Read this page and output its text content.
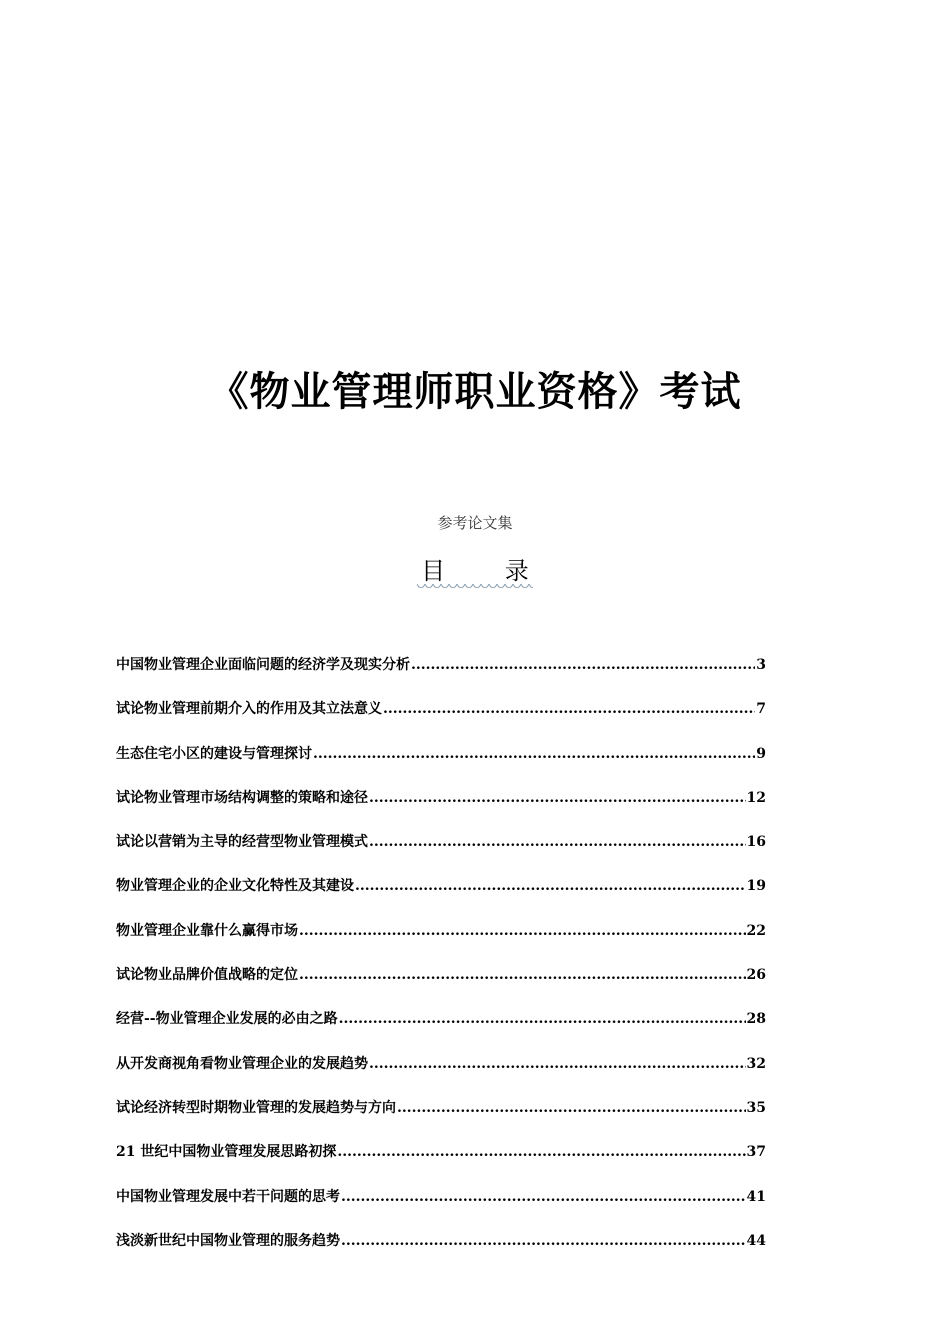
《物业管理师职业资格》考试
参考论文集
目 录
中国物业管理企业面临问题的经济学及现实分析 .....	3
试论物业管理前期介入的作用及其立法意义 .....	7
生态住宅小区的建设与管理探讨 .....	9
试论物业管理市场结构调整的策略和途径 .....	12
试论以营销为主导的经营型物业管理模式 .....	16
物业管理企业的企业文化特性及其建设 .....	19
物业管理企业靠什么赢得市场 .....	22
试论物业品牌价值战略的定位 .....	26
经营--物业管理企业发展的必由之路 .....	28
从开发商视角看物业管理企业的发展趋势 .....	32
试论经济转型时期物业管理的发展趋势与方向 .....	35
21 世纪中国物业管理发展思路初探 .....	37
中国物业管理发展中若干问题的思考 .....	41
浅淡新世纪中国物业管理的服务趋势 .....	44
